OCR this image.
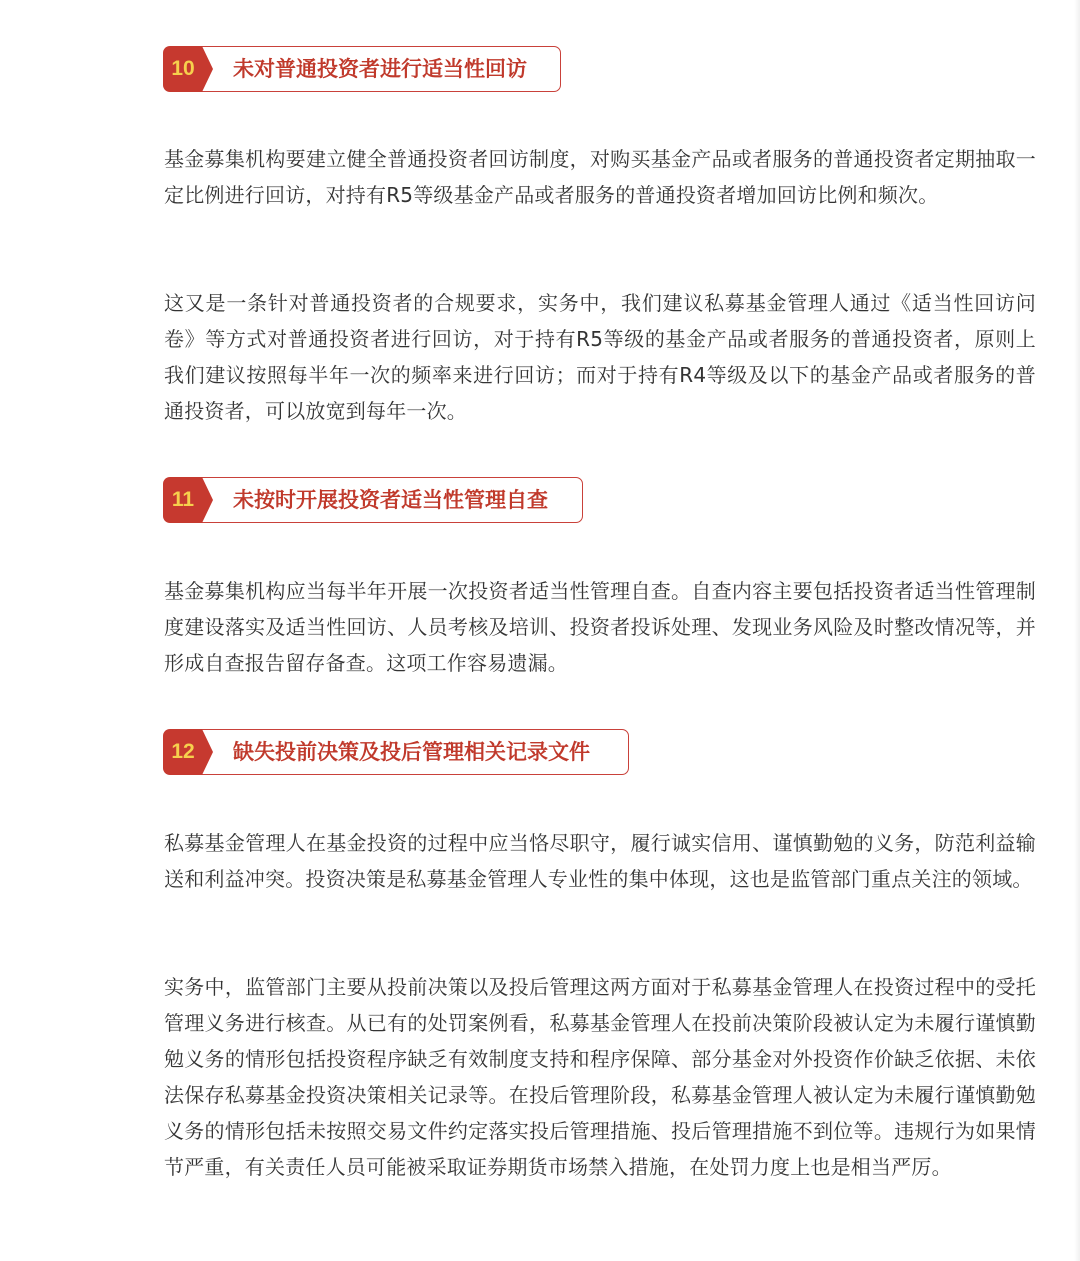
10	未对普通投资者进行适当性回访

基金募集机构要建立健全普通投资者回访制度，对购买基金产品或者服务的普通投资者定期抽取一定比例进行回访，对持有R5等级基金产品或者服务的普通投资者增加回访比例和频次。

这又是一条针对普通投资者的合规要求，实务中，我们建议私募基金管理人通过《适当性回访问卷》等方式对普通投资者进行回访，对于持有R5等级的基金产品或者服务的普通投资者，原则上我们建议按照每半年一次的频率来进行回访；而对于持有R4等级及以下的基金产品或者服务的普通投资者，可以放宽到每年一次。

11	未按时开展投资者适当性管理自查

基金募集机构应当每半年开展一次投资者适当性管理自查。自查内容主要包括投资者适当性管理制度建设落实及适当性回访、人员考核及培训、投资者投诉处理、发现业务风险及时整改情况等，并形成自查报告留存备查。这项工作容易遗漏。

12	缺失投前决策及投后管理相关记录文件

私募基金管理人在基金投资的过程中应当恪尽职守，履行诚实信用、谨慎勤勉的义务，防范利益输送和利益冲突。投资决策是私募基金管理人专业性的集中体现，这也是监管部门重点关注的领域。

实务中，监管部门主要从投前决策以及投后管理这两方面对于私募基金管理人在投资过程中的受托管理义务进行核查。从已有的处罚案例看，私募基金管理人在投前决策阶段被认定为未履行谨慎勤勉义务的情形包括投资程序缺乏有效制度支持和程序保障、部分基金对外投资作价缺乏依据、未依法保存私募基金投资决策相关记录等。在投后管理阶段，私募基金管理人被认定为未履行谨慎勤勉义务的情形包括未按照交易文件约定落实投后管理措施、投后管理措施不到位等。违规行为如果情节严重，有关责任人员可能被采取证券期货市场禁入措施，在处罚力度上也是相当严厉。
